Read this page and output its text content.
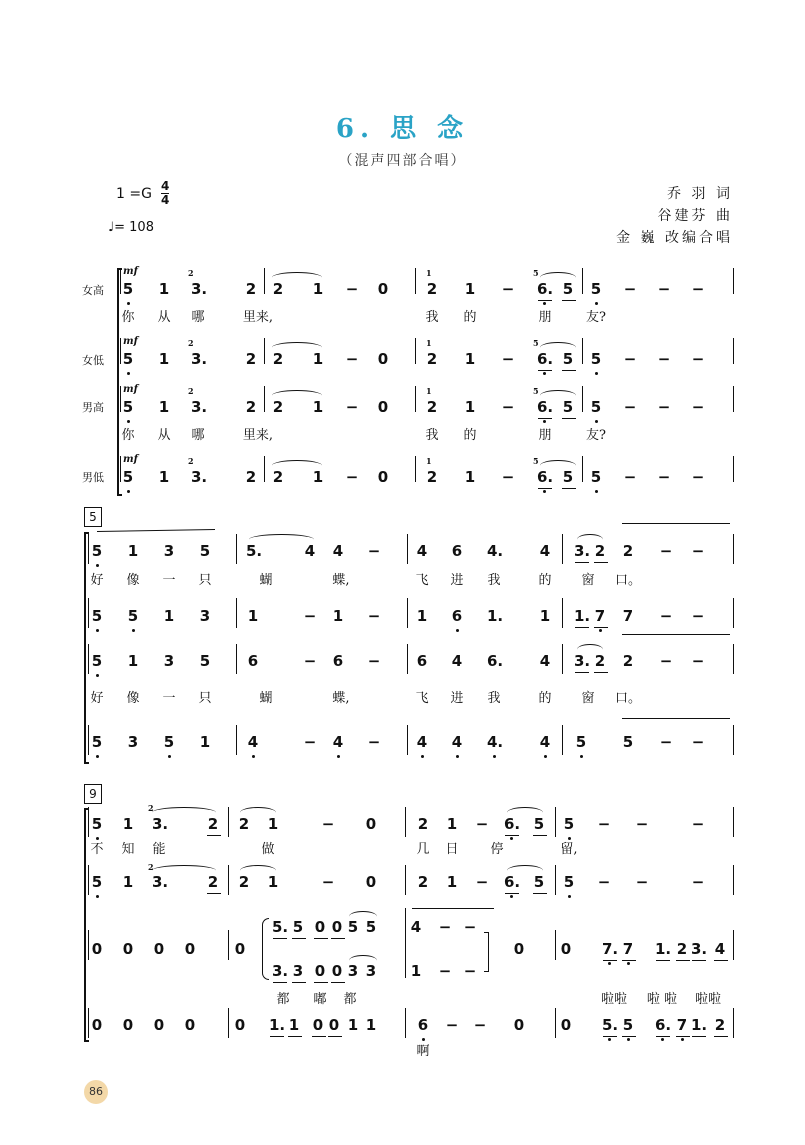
6. 思 念
（混声四部合唱）
1 =G 4
4
♩= 108
乔 羽 词
谷建芬 曲
金 巍 改编合唱
女高
女低
男高
男低
mf
5 1 3.	2 2 1 − 0	2 1 − 6. 5 5 − − −
2	1	5
mf
5 1 3.	2 2 1 − 0	2 1 − 6. 5 5 − − −
2	1	5
mf
5 1 3.	2 2 1 − 0	2 1 − 6. 5 5 − − −
2	1	5
mf
5 1 3.	2 2 1 − 0	2 1 − 6. 5 5 − − −
2	1	5
你	从	哪	里来,	我	的	朋	友?
你	从	哪	里来,	我	的	朋	友?
5
5 1 3 5 5.	4 4 − 4 6 4. 4 3. 2 2 − −
5 5 1 3	1	− 1 − 1 6 1. 1 1. 7 7 − −
5 1 3 5	6	− 6 − 6 4 6. 4 3. 2 2 − −
5 3 5 1	4	− 4 − 4 4 4. 4 5 5 − −
好	像	一	只	蝴	蝶,	飞	进	我	的	窗	口。
好	像	一	只	蝴	蝶,	飞	进	我	的	窗	口。
9
5 1 3.	2 2 1	− 0	2 1 − 6. 5 5 − −	−
5 1 3.	2 2 1	− 0	2 1 − 6. 5 5 − −	−
2
2
0 0 0 0	0
5. 5 0 0 5 5 4 − −
3. 3 0 0 3 3 1 − −
0 0 7. 7 1. 2 3. 4
0 0 0 0	0 1. 1 0 0 1 1	6 − − 0 0 5. 5 6. 7 1. 2
不	知	能	做	几	日	停	留,
都	嘟	都	啦啦	啦 啦	啦啦
啊
86
